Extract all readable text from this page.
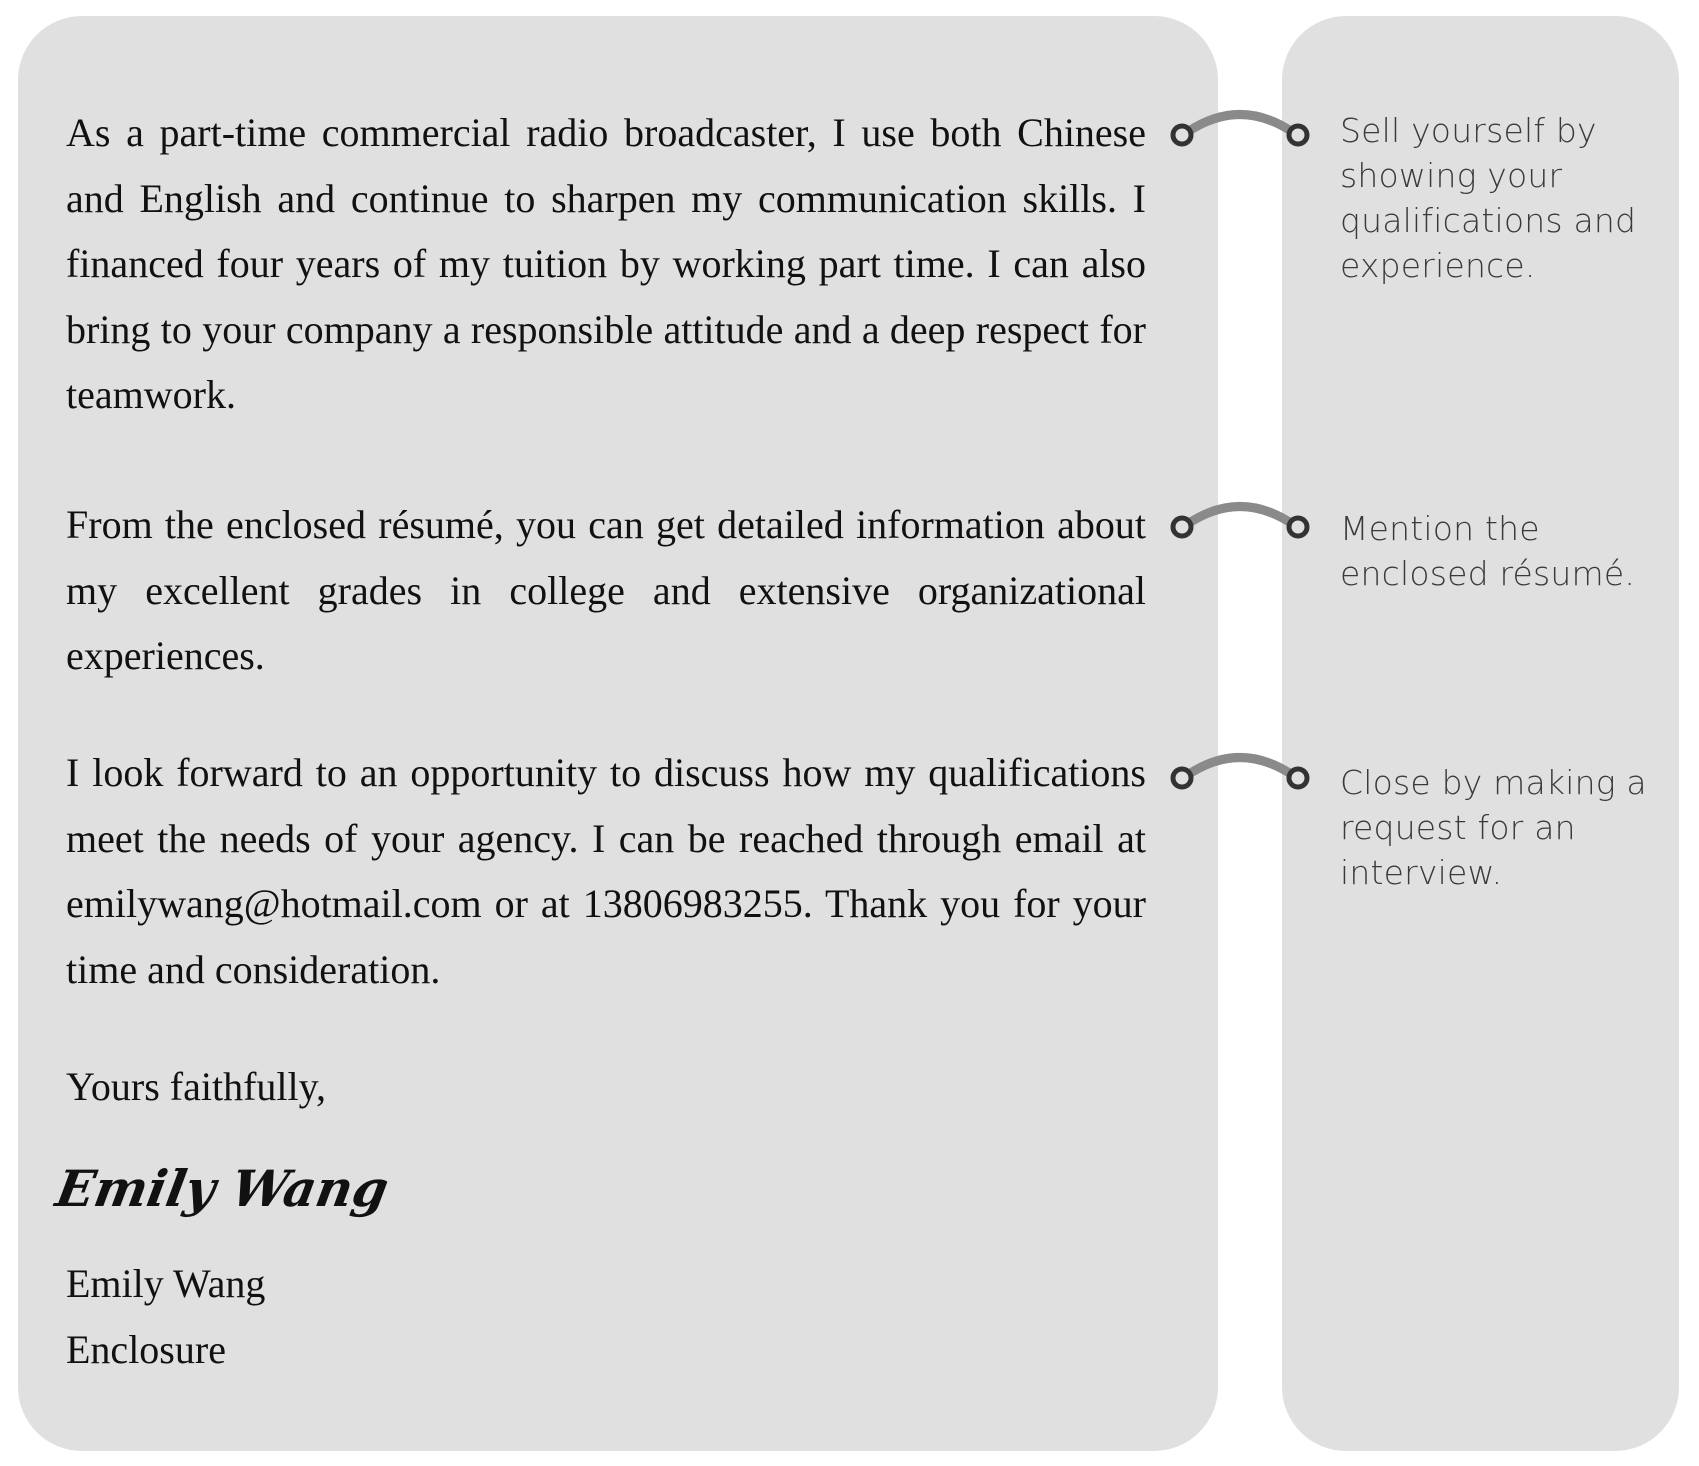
As a part-time commercial radio broadcaster, I use both Chinese and English and continue to sharpen my communication skills. I financed four years of my tuition by working part time. I can also bring to your company a responsible attitude and a deep respect for teamwork.

From the enclosed résumé, you can get detailed information about my excellent grades in college and extensive organizational experiences.

I look forward to an opportunity to discuss how my qualifications meet the needs of your agency. I can be reached through email at emilywang@hotmail.com or at 13806983255. Thank you for your time and consideration.

Yours faithfully,

Emily Wang

Emily Wang

Enclosure

Sell yourself by showing your qualifications and experience.

Mention the enclosed résumé.

Close by making a request for an interview.
